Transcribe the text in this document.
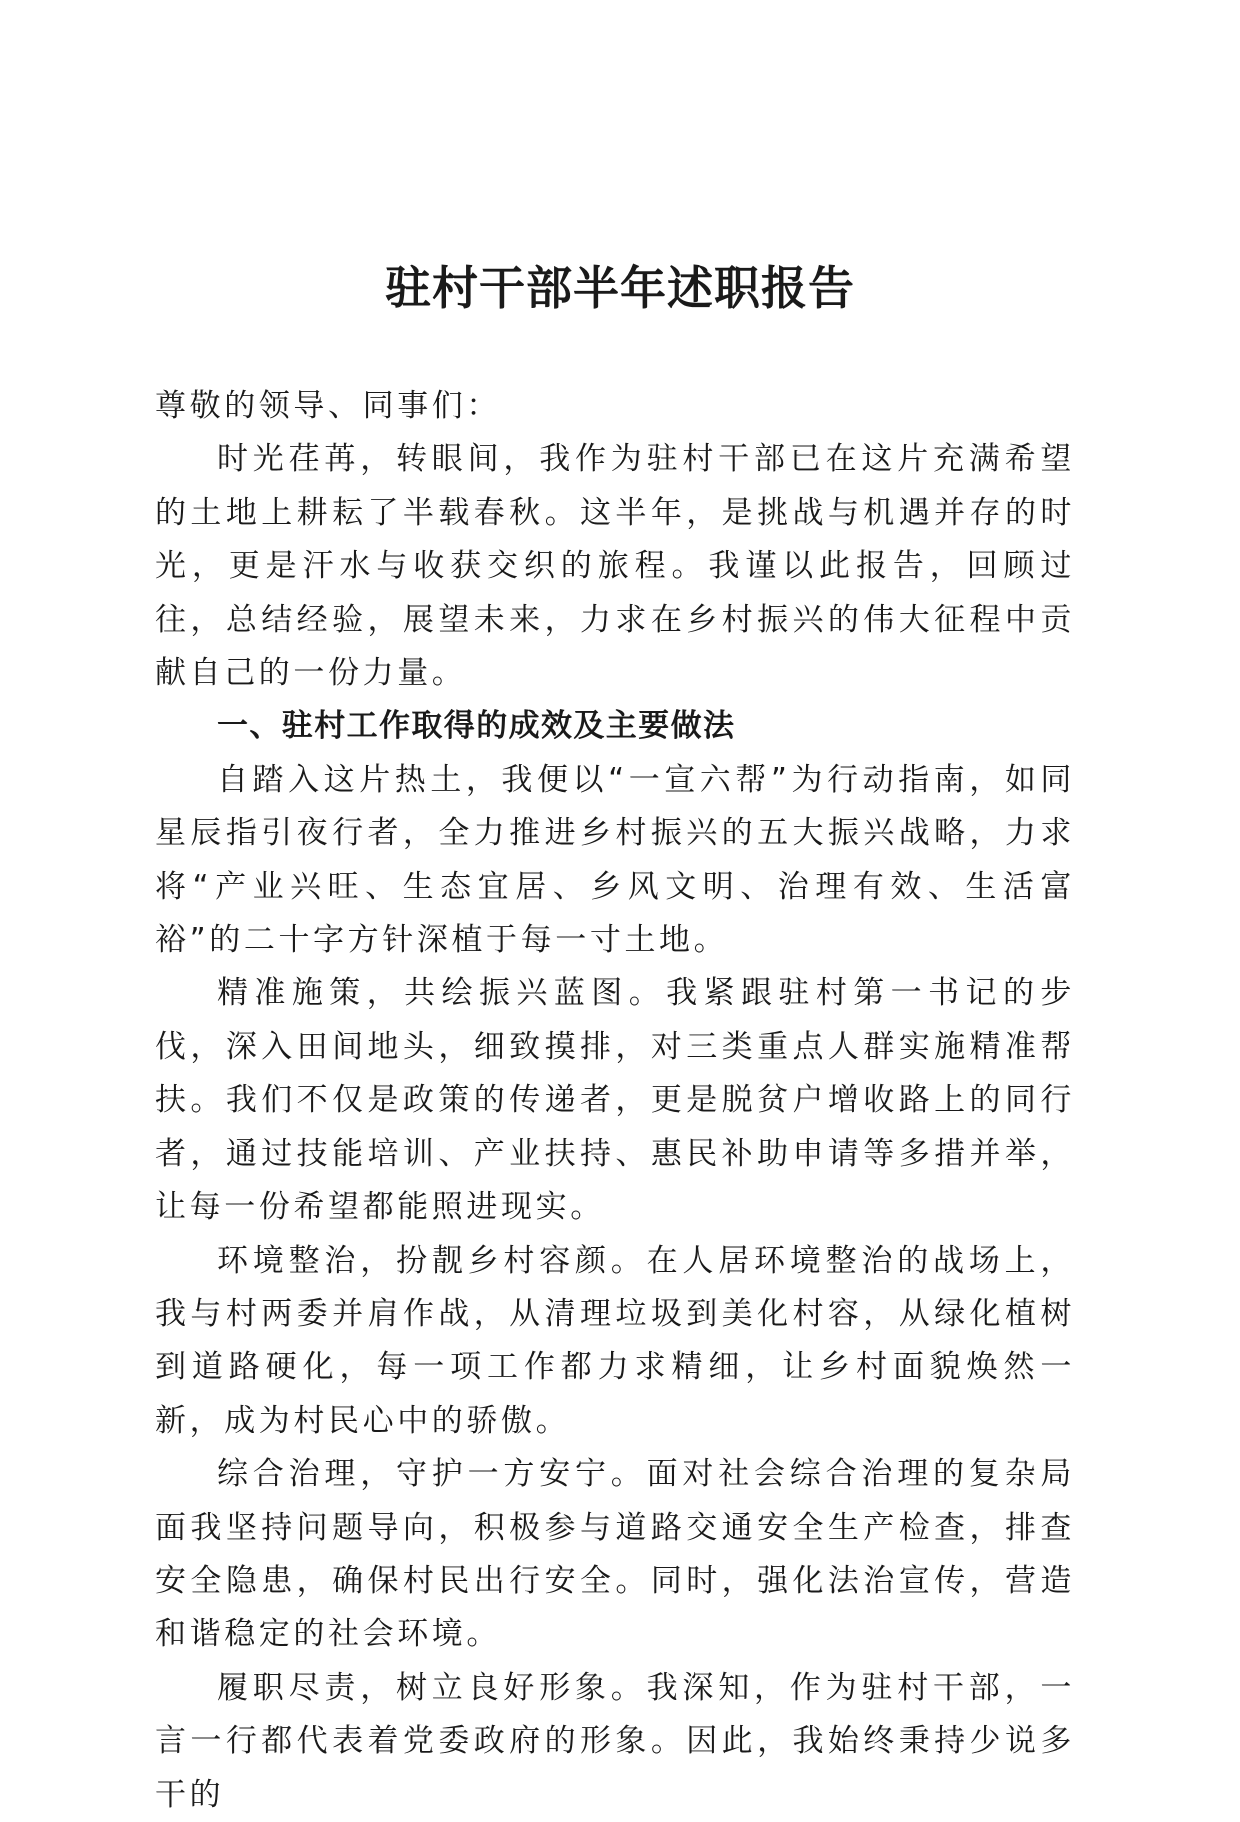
驻村干部半年述职报告

尊敬的领导、同事们：

时光荏苒，转眼间，我作为驻村干部已在这片充满希望的土地上耕耘了半载春秋。这半年，是挑战与机遇并存的时光，更是汗水与收获交织的旅程。我谨以此报告，回顾过往，总结经验，展望未来，力求在乡村振兴的伟大征程中贡献自己的一份力量。

一、驻村工作取得的成效及主要做法

自踏入这片热土，我便以“一宣六帮”为行动指南，如同星辰指引夜行者，全力推进乡村振兴的五大振兴战略，力求将“产业兴旺、生态宜居、乡风文明、治理有效、生活富裕”的二十字方针深植于每一寸土地。

精准施策，共绘振兴蓝图。我紧跟驻村第一书记的步伐，深入田间地头，细致摸排，对三类重点人群实施精准帮扶。我们不仅是政策的传递者，更是脱贫户增收路上的同行者，通过技能培训、产业扶持、惠民补助申请等多措并举，让每一份希望都能照进现实。

环境整治，扮靓乡村容颜。在人居环境整治的战场上，我与村两委并肩作战，从清理垃圾到美化村容，从绿化植树到道路硬化，每一项工作都力求精细，让乡村面貌焕然一新，成为村民心中的骄傲。

综合治理，守护一方安宁。面对社会综合治理的复杂局面我坚持问题导向，积极参与道路交通安全生产检查，排查安全隐患，确保村民出行安全。同时，强化法治宣传，营造和谐稳定的社会环境。

履职尽责，树立良好形象。我深知，作为驻村干部，一言一行都代表着党委政府的形象。因此，我始终秉持少说多干的
